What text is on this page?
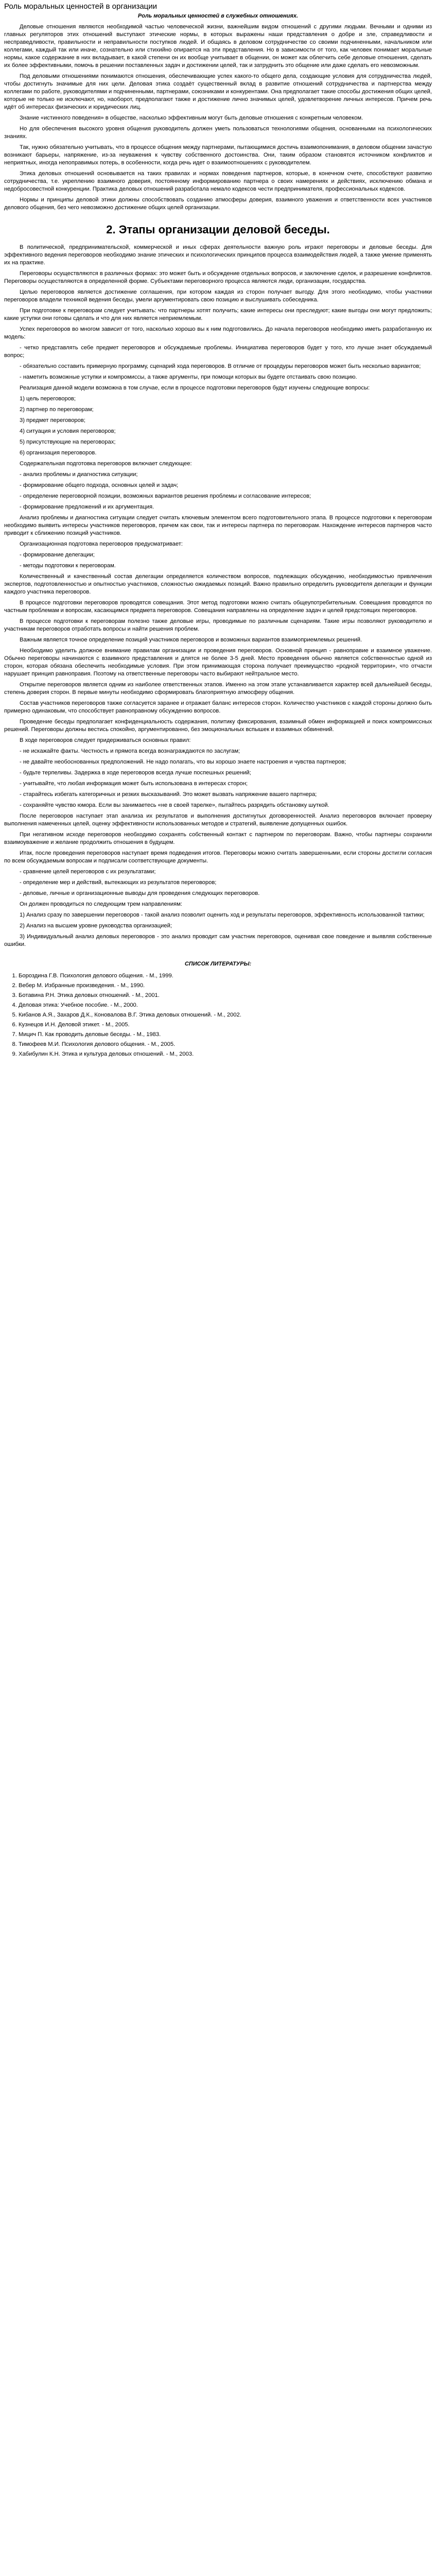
Роль моральных ценностей в организации
Роль моральных ценностей в служебных отношениях.

Деловые отношения являются необходимой частью человеческой жизни, важнейшим видом отношений с другими людьми. Вечными и одними из главных регуляторов этих отношений выступают этические нормы, в которых выражены наши представления о добре и зле, справедливости и несправедливости, правильности и неправильности поступков людей. И общаясь в деловом сотрудничестве со своими подчиненными, начальником или коллегами, каждый так или иначе, сознательно или стихийно опирается на эти представления. Но в зависимости от того, как человек понимает моральные нормы, какое содержание в них вкладывает, в какой степени он их вообще учитывает в общении, он может как облегчить себе деловые отношения, сделать их более эффективными, помочь в решении поставленных задач и достижении целей, так и затруднить это общение или даже сделать его невозможным.

Под деловыми отношениями понимаются отношения, обеспечивающие успех какого-то общего дела, создающие условия для сотрудничества людей, чтобы достигнуть значимые для них цели. Деловая этика создаёт существенный вклад в развитие отношений сотрудничества и партнерства между коллегами по работе, руководителями и подчиненными, партнерами, союзниками и конкурентами. Она предполагает такие способы достижения общих целей, которые не только не исключают, но, наоборот, предполагают также и достижение лично значимых целей, удовлетворение личных интересов. Причем речь идёт об интересах физических и юридических лиц.

Знание «истинного поведения» в обществе, насколько эффективным могут быть деловые отношения с конкретным человеком.

Но для обеспечения высокого уровня общения руководитель должен уметь пользоваться технологиями общения, основанными на психологических знаниях.

Так, нужно обязательно учитывать, что в процессе общения между партнерами, пытающимися достичь взаимопонимания, в деловом общении зачастую возникают барьеры, напряжение, из-за неуважения к чувству собственного достоинства. Они, таким образом становятся источником конфликтов и неприятных, иногда непоправимых потерь, в особенности, когда речь идет о взаимоотношениях с руководителем.

Этика деловых отношений основывается на таких правилах и нормах поведения партнеров, которые, в конечном счете, способствуют развитию сотрудничества, т.е. укреплению взаимного доверия, постоянному информированию партнера о своих намерениях и действиях, исключению обмана и недобросовестной конкуренции. Практика деловых отношений разработала немало кодексов чести предпринимателя, профессиональных кодексов.

Нормы и принципы деловой этики должны способствовать созданию атмосферы доверия, взаимного уважения и ответственности всех участников делового общения, без чего невозможно достижение общих целей организации.

2. Этапы организации деловой беседы.

В политической, предпринимательской, коммерческой и иных сферах деятельности важную роль играют переговоры и деловые беседы. Для эффективного ведения переговоров необходимо знание этических и психологических принципов процесса взаимодействия людей, а также умение применять их на практике.

Переговоры осуществляются в различных формах: это может быть и обсуждение отдельных вопросов, и заключение сделок, и разрешение конфликтов. Переговоры осуществляются в определенной форме. Субъектами переговорного процесса являются люди, организации, государства.

Целью переговоров является достижение соглашения, при котором каждая из сторон получает выгоду. Для этого необходимо, чтобы участники переговоров владели техникой ведения беседы, умели аргументировать свою позицию и выслушивать собеседника.

При подготовке к переговорам следует учитывать: что партнеры хотят получить; какие интересы они преследуют; какие выгоды они могут предложить; какие уступки они готовы сделать и что для них является неприемлемым.

Успех переговоров во многом зависит от того, насколько хорошо вы к ним подготовились. До начала переговоров необходимо иметь разработанную их модель:

- четко представлять себе предмет переговоров и обсуждаемые проблемы. Инициатива переговоров будет у того, кто лучше знает обсуждаемый вопрос;

- обязательно составить примерную программу, сценарий хода переговоров. В отличие от процедуры переговоров может быть несколько вариантов;

- наметить возможные уступки и компромиссы, а также аргументы, при помощи которых вы будете отстаивать свою позицию.

Реализация данной модели возможна в том случае, если в процессе подготовки переговоров будут изучены следующие вопросы:

1) цель переговоров;

2) партнер по переговорам;

3) предмет переговоров;

4) ситуация и условия переговоров;

5) присутствующие на переговорах;

6) организация переговоров.

Содержательная подготовка переговоров включает следующее:

- анализ проблемы и диагностика ситуации;

- формирование общего подхода, основных целей и задач;

- определение переговорной позиции, возможных вариантов решения проблемы и согласование интересов;

- формирование предложений и их аргументация.

Анализ проблемы и диагностика ситуации следует считать ключевым элементом всего подготовительного этапа. В процессе подготовки к переговорам необходимо выявить интересы участников переговоров, причем как свои, так и интересы партнера по переговорам. Нахождение интересов партнеров часто приводит к сближению позиций участников.

Организационная подготовка переговоров предусматривает:

- формирование делегации;

- методы подготовки к переговорам.

Количественный и качественный состав делегации определяется количеством вопросов, подлежащих обсуждению, необходимостью привлечения экспертов, подготовленностью и опытностью участников, сложностью ожидаемых позиций. Важно правильно определить руководителя делегации и функции каждого участника переговоров.

В процессе подготовки переговоров проводятся совещания. Этот метод подготовки можно считать общеупотребительным. Совещания проводятся по частным проблемам и вопросам, касающимся предмета переговоров. Совещания направлены на определение задач и целей предстоящих переговоров.

В процессе подготовки к переговорам полезно также деловые игры, проводимые по различным сценариям. Такие игры позволяют руководителю и участникам переговоров отработать вопросы и найти решения проблем.

Важным является точное определение позиций участников переговоров и возможных вариантов взаимоприемлемых решений.

Необходимо уделить должное внимание правилам организации и проведения переговоров. Основной принцип - равноправие и взаимное уважение. Обычно переговоры начинаются с взаимного представления и длятся не более 3-5 дней. Место проведения обычно является собственностью одной из сторон, которая обязана обеспечить необходимые условия. При этом принимающая сторона получает преимущество «родной территории», что отчасти нарушает принцип равноправия. Поэтому на ответственные переговоры часто выбирают нейтральное место.

Открытие переговоров является одним из наиболее ответственных этапов. Именно на этом этапе устанавливается характер всей дальнейшей беседы, степень доверия сторон. В первые минуты необходимо сформировать благоприятную атмосферу общения.

Состав участников переговоров также согласуется заранее и отражает баланс интересов сторон. Количество участников с каждой стороны должно быть примерно одинаковым, что способствует равноправному обсуждению вопросов.

Проведение беседы предполагает конфиденциальность содержания, политику фиксирования, взаимный обмен информацией и поиск компромиссных решений. Переговоры должны вестись спокойно, аргументированно, без эмоциональных вспышек и взаимных обвинений.

В ходе переговоров следует придерживаться основных правил:

- не искажайте факты. Честность и прямота всегда вознаграждаются по заслугам;

- не давайте необоснованных предположений. Не надо полагать, что вы хорошо знаете настроения и чувства партнеров;

- будьте терпеливы. Задержка в ходе переговоров всегда лучше поспешных решений;

- учитывайте, что любая информация может быть использована в интересах сторон;

- старайтесь избегать категоричных и резких высказываний. Это может вызвать напряжение вашего партнера;

- сохраняйте чувство юмора. Если вы занимаетесь «не в своей тарелке», пытайтесь разрядить обстановку шуткой.

После переговоров наступает этап анализа их результатов и выполнения достигнутых договоренностей. Анализ переговоров включает проверку выполнения намеченных целей, оценку эффективности использованных методов и стратегий, выявление допущенных ошибок.

При негативном исходе переговоров необходимо сохранять собственный контакт с партнером по переговорам. Важно, чтобы партнеры сохранили взаимоуважение и желание продолжить отношения в будущем.

Итак, после проведения переговоров наступает время подведения итогов. Переговоры можно считать завершенными, если стороны достигли согласия по всем обсуждаемым вопросам и подписали соответствующие документы.

- сравнение целей переговоров с их результатами;

- определение мер и действий, вытекающих из результатов переговоров;

- деловые, личные и организационные выводы для проведения следующих переговоров.

Он должен проводиться по следующим трем направлениям:

1) Анализ сразу по завершении переговоров - такой анализ позволит оценить ход и результаты переговоров, эффективность использованной тактики;

2) Анализ на высшем уровне руководства организацией;

3) Индивидуальный анализ деловых переговоров - это анализ проводит сам участник переговоров, оценивая свое поведение и выявляя собственные ошибки.

СПИСОК ЛИТЕРАТУРЫ:
1. Бороздина Г.В. Психология делового общения. - М., 1999.
2. Вебер М. Избранные произведения. - М., 1990.
3. Ботавина Р.Н. Этика деловых отношений. - М., 2001.
4. Деловая этика: Учебное пособие. - М., 2000.
5. Кибанов А.Я., Захаров Д.К., Коновалова В.Г. Этика деловых отношений. - М., 2002.
6. Кузнецов И.Н. Деловой этикет. - М., 2005.
7. Мицич П. Как проводить деловые беседы. - М., 1983.
8. Тимофеев М.И. Психология делового общения. - М., 2005.
9. Хабибулин К.Н. Этика и культура деловых отношений. - М., 2003.
